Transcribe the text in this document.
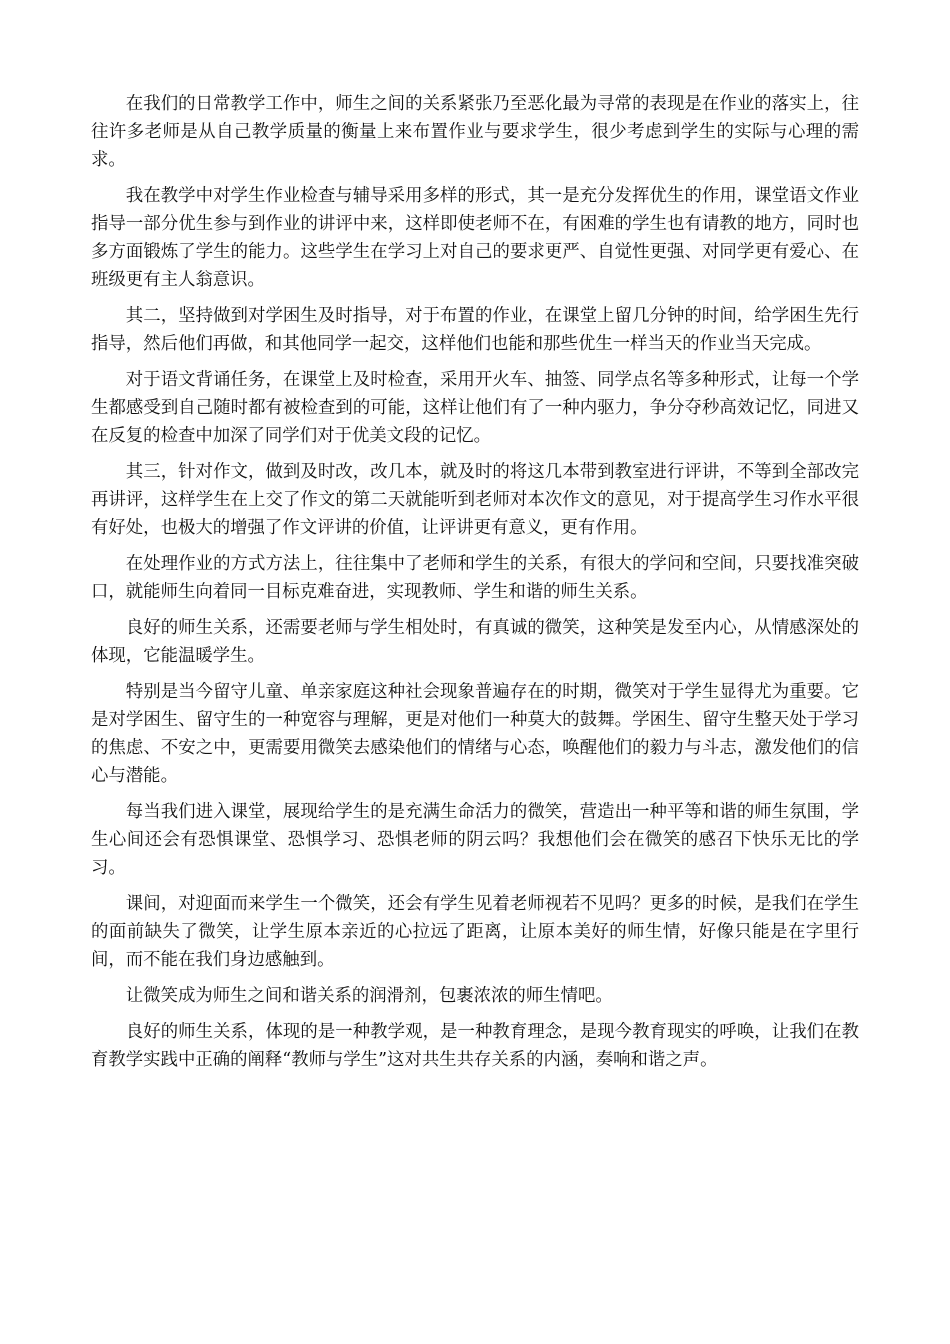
在我们的日常教学工作中，师生之间的关系紧张乃至恶化最为寻常的表现是在作业的落实上，往往许多老师是从自己教学质量的衡量上来布置作业与要求学生，很少考虑到学生的实际与心理的需求。

我在教学中对学生作业检查与辅导采用多样的形式，其一是充分发挥优生的作用，课堂语文作业指导一部分优生参与到作业的讲评中来，这样即使老师不在，有困难的学生也有请教的地方，同时也多方面锻炼了学生的能力。这些学生在学习上对自己的要求更严、自觉性更强、对同学更有爱心、在班级更有主人翁意识。

其二，坚持做到对学困生及时指导，对于布置的作业，在课堂上留几分钟的时间，给学困生先行指导，然后他们再做，和其他同学一起交，这样他们也能和那些优生一样当天的作业当天完成。

对于语文背诵任务，在课堂上及时检查，采用开火车、抽签、同学点名等多种形式，让每一个学生都感受到自己随时都有被检查到的可能，这样让他们有了一种内驱力，争分夺秒高效记忆，同进又在反复的检查中加深了同学们对于优美文段的记忆。

其三，针对作文，做到及时改，改几本，就及时的将这几本带到教室进行评讲，不等到全部改完再讲评，这样学生在上交了作文的第二天就能听到老师对本次作文的意见，对于提高学生习作水平很有好处，也极大的增强了作文评讲的价值，让评讲更有意义，更有作用。

在处理作业的方式方法上，往往集中了老师和学生的关系，有很大的学问和空间，只要找准突破口，就能师生向着同一目标克难奋进，实现教师、学生和谐的师生关系。

良好的师生关系，还需要老师与学生相处时，有真诚的微笑，这种笑是发至内心，从情感深处的体现，它能温暖学生。

特别是当今留守儿童、单亲家庭这种社会现象普遍存在的时期，微笑对于学生显得尤为重要。它是对学困生、留守生的一种宽容与理解，更是对他们一种莫大的鼓舞。学困生、留守生整天处于学习的焦虑、不安之中，更需要用微笑去感染他们的情绪与心态，唤醒他们的毅力与斗志，激发他们的信心与潜能。

每当我们进入课堂，展现给学生的是充满生命活力的微笑，营造出一种平等和谐的师生氛围，学生心间还会有恐惧课堂、恐惧学习、恐惧老师的阴云吗？我想他们会在微笑的感召下快乐无比的学习。

课间，对迎面而来学生一个微笑，还会有学生见着老师视若不见吗？更多的时候，是我们在学生的面前缺失了微笑，让学生原本亲近的心拉远了距离，让原本美好的师生情，好像只能是在字里行间，而不能在我们身边感触到。

让微笑成为师生之间和谐关系的润滑剂，包裹浓浓的师生情吧。

良好的师生关系，体现的是一种教学观，是一种教育理念，是现今教育现实的呼唤，让我们在教育教学实践中正确的阐释“教师与学生”这对共生共存关系的内涵，奏响和谐之声。
